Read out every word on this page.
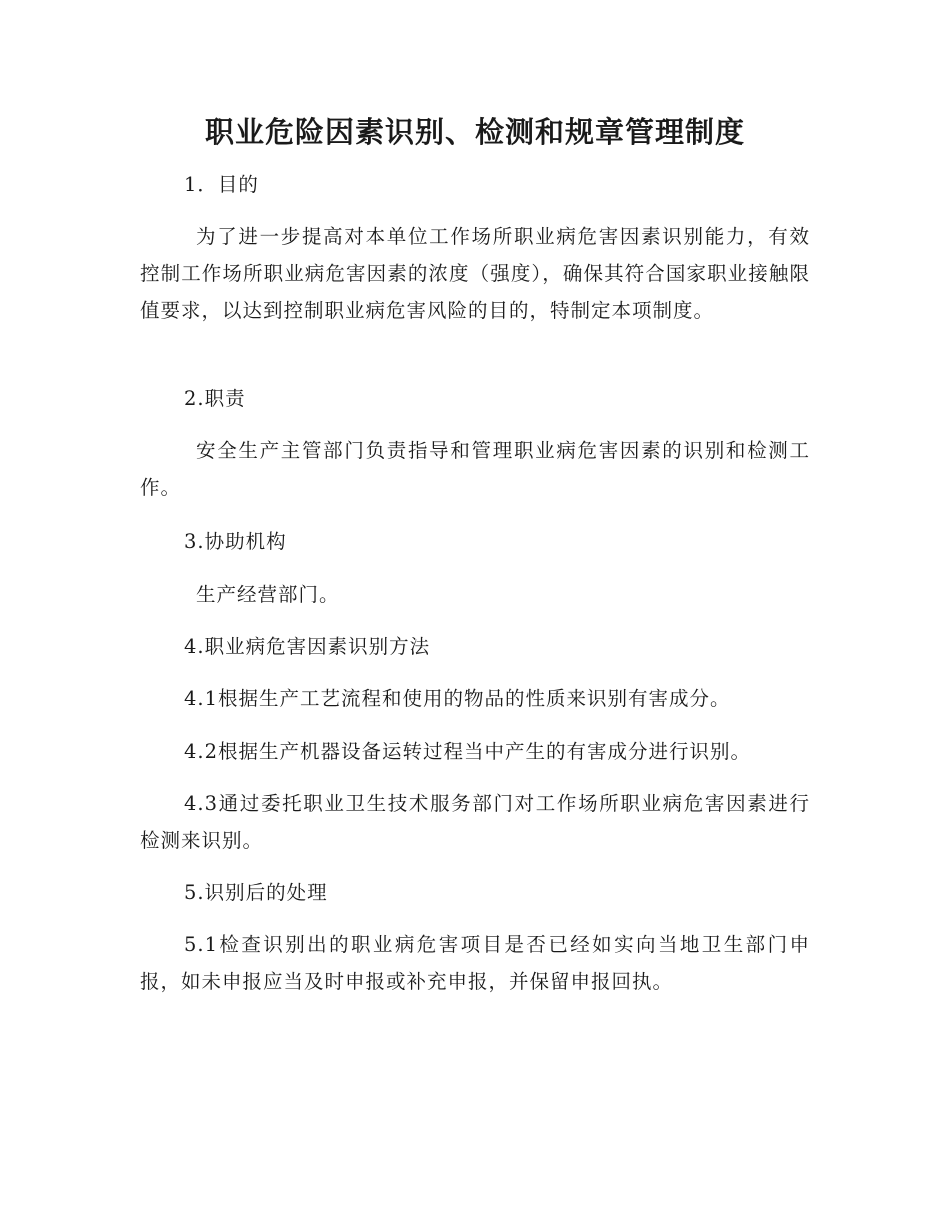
职业危险因素识别、检测和规章管理制度

1．目的

为了进一步提高对本单位工作场所职业病危害因素识别能力，有效控制工作场所职业病危害因素的浓度（强度），确保其符合国家职业接触限值要求，以达到控制职业病危害风险的目的，特制定本项制度。

2.职责

安全生产主管部门负责指导和管理职业病危害因素的识别和检测工作。

3.协助机构

生产经营部门。

4.职业病危害因素识别方法

4.1根据生产工艺流程和使用的物品的性质来识别有害成分。

4.2根据生产机器设备运转过程当中产生的有害成分进行识别。

4.3通过委托职业卫生技术服务部门对工作场所职业病危害因素进行检测来识别。

5.识别后的处理

5.1检查识别出的职业病危害项目是否已经如实向当地卫生部门申报，如未申报应当及时申报或补充申报，并保留申报回执。
